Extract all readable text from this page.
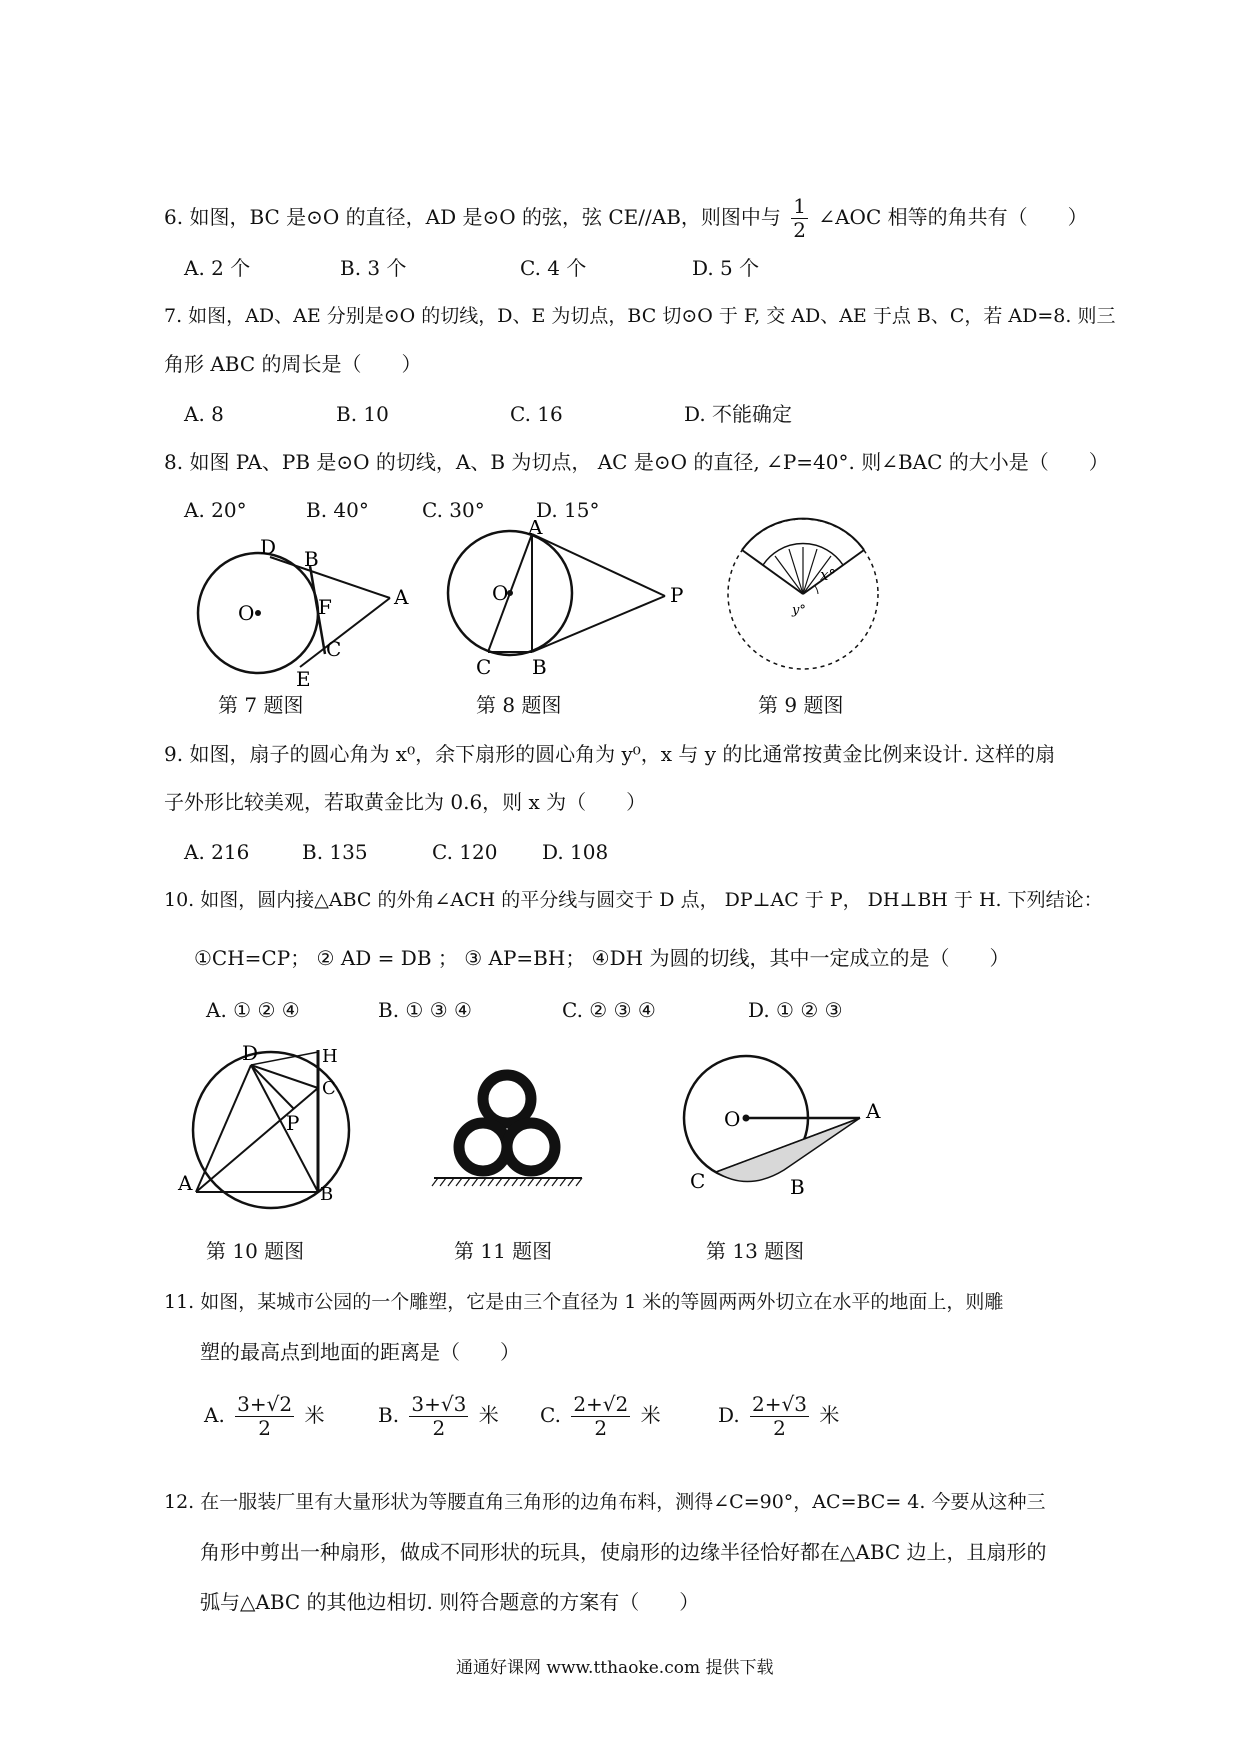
6. 如图，BC 是⊙O 的直径，AD 是⊙O 的弦，弦 CE//AB，则图中与 $\frac{1}{2}$ ∠AOC 相等的角共有（　　）
A. 2 个	B. 3 个	C. 4 个	D. 5 个
7. 如图，AD、AE 分别是⊙O 的切线，D、E 为切点，BC 切⊙O 于 F, 交 AD、AE 于点 B、C，若 AD=8. 则三
角形 ABC 的周长是（　　）
A. 8	B. 10	C. 16	D. 不能确定
8. 如图 PA、PB 是⊙O 的切线，A、B 为切点， AC 是⊙O 的直径, ∠P=40°. 则∠BAC 的大小是（　　）
A. 20°	B. 40°	C. 30°	D. 15°
O
D B
A
F
C
E
第 7 题图
A
O	P
C B
第 8 题图
x°
y°
第 9 题图
9. 如图，扇子的圆心角为 x⁰，余下扇形的圆心角为 y⁰，x 与 y 的比通常按黄金比例来设计. 这样的扇
子外形比较美观，若取黄金比为 0.6，则 x 为（　　）
A. 216	B. 135	C. 120 D. 108
10. 如图，圆内接△ABC 的外角∠ACH 的平分线与圆交于 D 点， DP⊥AC 于 P， DH⊥BH 于 H. 下列结论：
①CH=CP； ② AD = DB ； ③ AP=BH； ④DH 为圆的切线，其中一定成立的是（　　）
A. ① ② ④	B. ① ③ ④	C. ② ③ ④	D. ① ② ③
D	H
C
P
A	B
第 10 题图	第 11 题图
O	A
C	B
第 13 题图
11. 如图，某城市公园的一个雕塑，它是由三个直径为 1 米的等圆两两外切立在水平的地面上，则雕
塑的最高点到地面的距离是（　　）
A. $\frac{3+√2}{2}$ 米	B. $\frac{3+√3}{2}$ 米 C. $\frac{2+√2}{2}$ 米	D. $\frac{2+√3}{2}$ 米
12. 在一服装厂里有大量形状为等腰直角三角形的边角布料，测得∠C=90°，AC=BC= 4. 今要从这种三
角形中剪出一种扇形，做成不同形状的玩具，使扇形的边缘半径恰好都在△ABC 边上，且扇形的
弧与△ABC 的其他边相切. 则符合题意的方案有（　　）
通通好课网 www.tthaoke.com 提供下载
